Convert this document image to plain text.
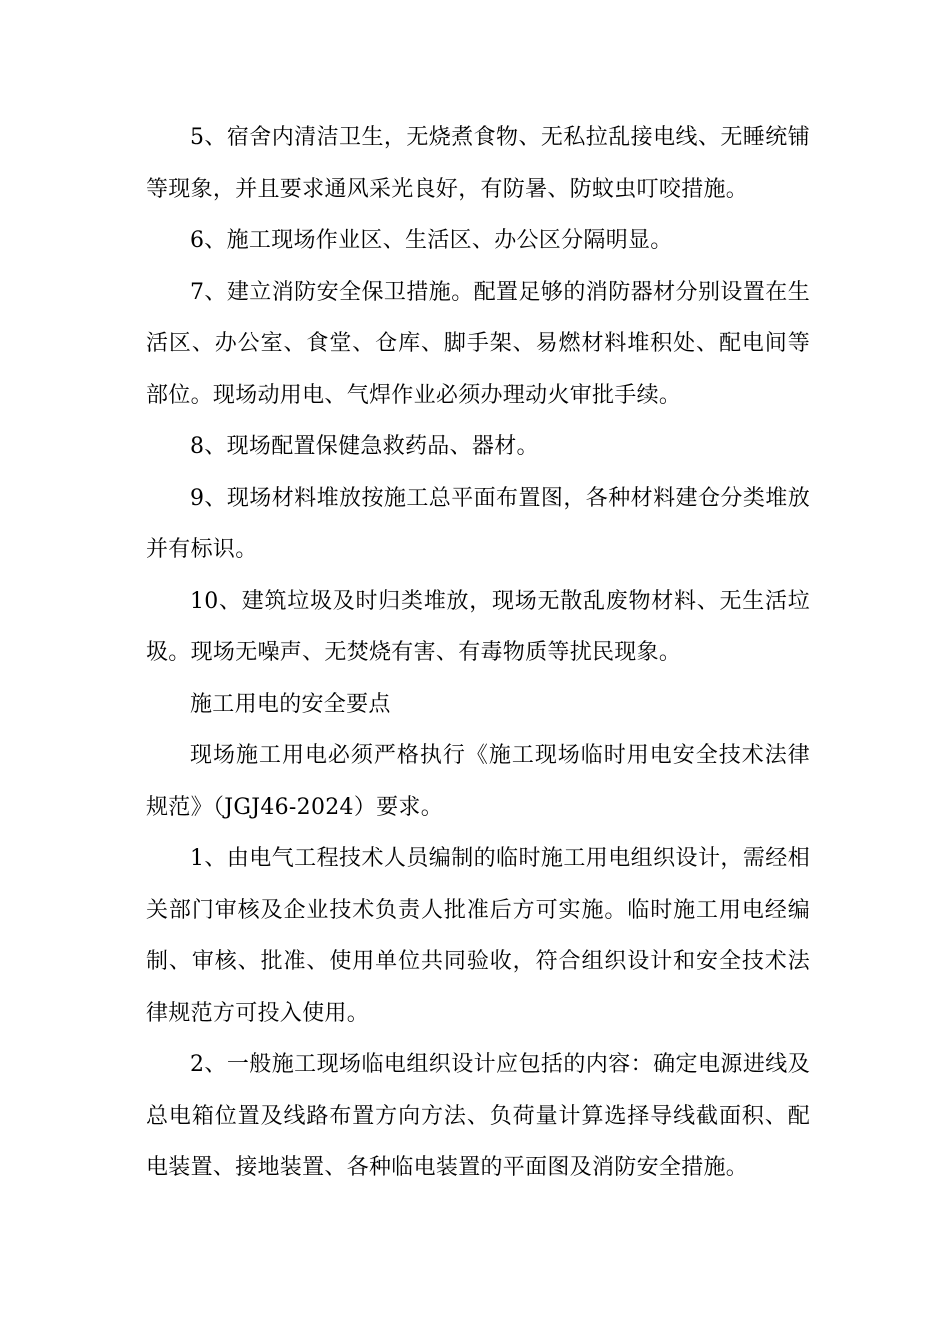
5、宿舍内清洁卫生，无烧煮食物、无私拉乱接电线、无睡统铺等现象，并且要求通风采光良好，有防暑、防蚊虫叮咬措施。

6、施工现场作业区、生活区、办公区分隔明显。

7、建立消防安全保卫措施。配置足够的消防器材分别设置在生活区、办公室、食堂、仓库、脚手架、易燃材料堆积处、配电间等部位。现场动用电、气焊作业必须办理动火审批手续。

8、现场配置保健急救药品、器材。

9、现场材料堆放按施工总平面布置图，各种材料建仓分类堆放并有标识。

10、建筑垃圾及时归类堆放，现场无散乱废物材料、无生活垃圾。现场无噪声、无焚烧有害、有毒物质等扰民现象。

施工用电的安全要点

现场施工用电必须严格执行《施工现场临时用电安全技术法律规范》（JGJ46-2024）要求。

1、由电气工程技术人员编制的临时施工用电组织设计，需经相关部门审核及企业技术负责人批准后方可实施。临时施工用电经编制、审核、批准、使用单位共同验收，符合组织设计和安全技术法律规范方可投入使用。

2、一般施工现场临电组织设计应包括的内容：确定电源进线及总电箱位置及线路布置方向方法、负荷量计算选择导线截面积、配电装置、接地装置、各种临电装置的平面图及消防安全措施。
